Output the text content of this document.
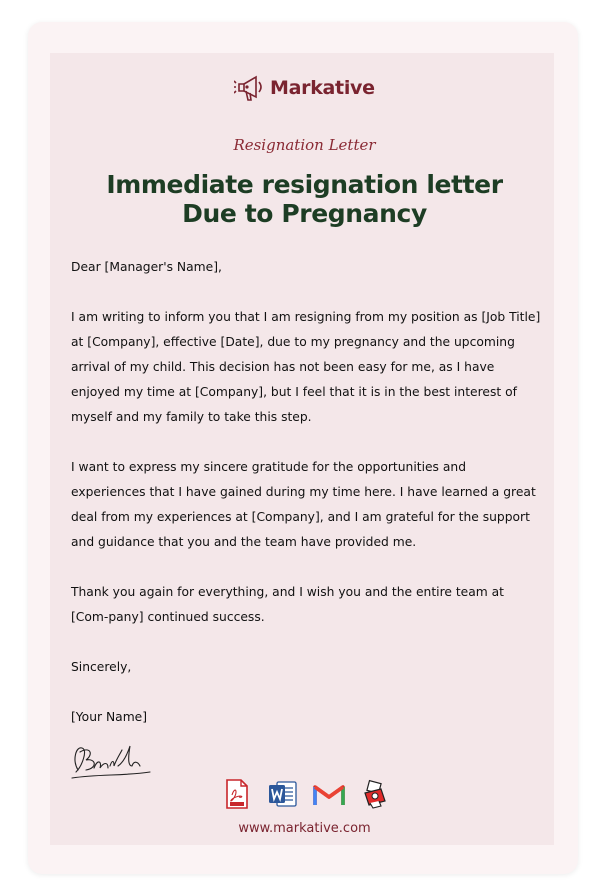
Markative
Resignation Letter
Immediate resignation letter
Due to Pregnancy

Dear [Manager's Name],

I am writing to inform you that I am resigning from my position as [Job Title] at [Company], effective [Date], due to my pregnancy and the upcoming arrival of my child. This decision has not been easy for me, as I have enjoyed my time at [Company], but I feel that it is in the best interest of myself and my family to take this step.

I want to express my sincere gratitude for the opportunities and experiences that I have gained during my time here. I have learned a great deal from my experiences at [Company], and I am grateful for the support and guidance that you and the team have provided me.

Thank you again for everything, and I wish you and the entire team at [Com-pany] continued success.

Sincerely,

[Your Name]

www.markative.com
